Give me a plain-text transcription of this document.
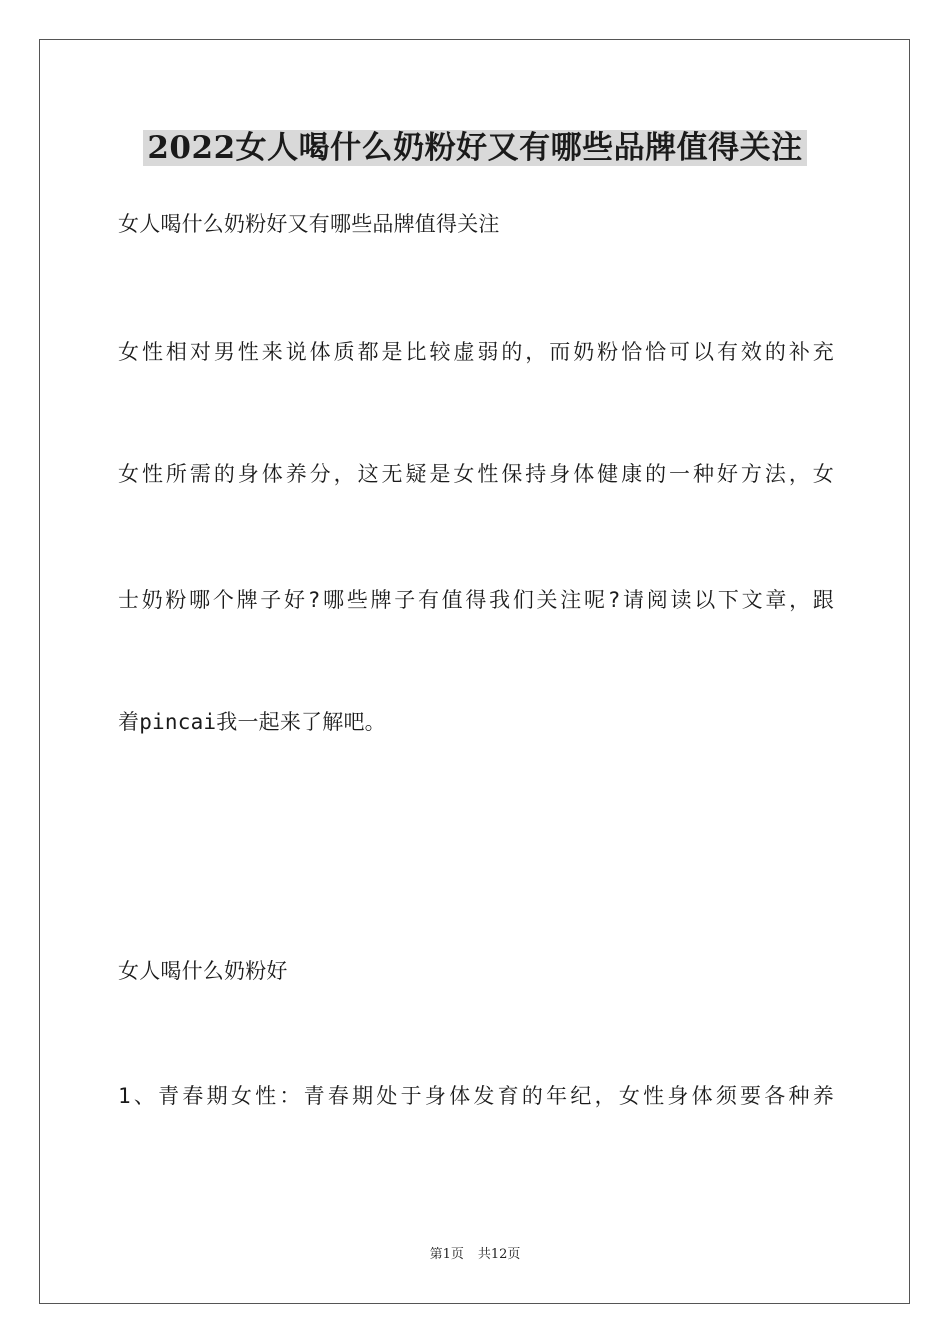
2022女人喝什么奶粉好又有哪些品牌值得关注
女人喝什么奶粉好又有哪些品牌值得关注
女性相对男性来说体质都是比较虚弱的，而奶粉恰恰可以有效的补充
女性所需的身体养分，这无疑是女性保持身体健康的一种好方法，女
士奶粉哪个牌子好?哪些牌子有值得我们关注呢?请阅读以下文章，跟
着pincai我一起来了解吧。
女人喝什么奶粉好
1、青春期女性：青春期处于身体发育的年纪，女性身体须要各种养
第1页 共12页
